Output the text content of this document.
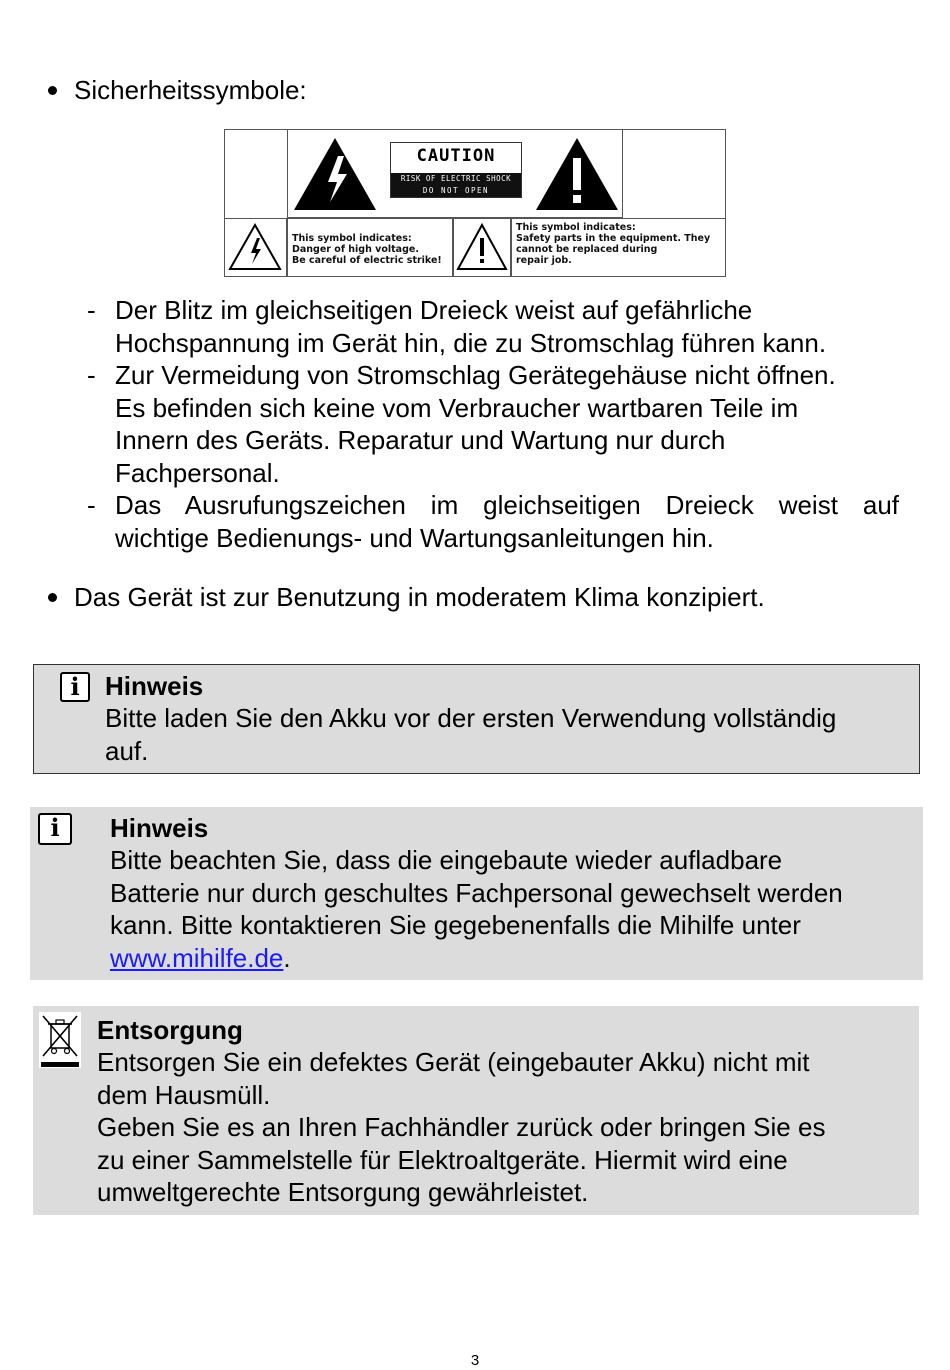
Sicherheitssymbole:
CAUTION
RISK OF ELECTRIC SHOCK
DO NOT OPEN
This symbol indicates:
Danger of high voltage.
Be careful of electric strike!
This symbol indicates:
Safety parts in the equipment. They
cannot be replaced during
repair job.
- Der Blitz im gleichseitigen Dreieck weist auf gefährliche
Hochspannung im Gerät hin, die zu Stromschlag führen kann.
- Zur Vermeidung von Stromschlag Gerätegehäuse nicht öffnen.
Es befinden sich keine vom Verbraucher wartbaren Teile im
Innern des Geräts. Reparatur und Wartung nur durch
Fachpersonal.
- Das Ausrufungszeichen im gleichseitigen Dreieck weist auf
wichtige Bedienungs- und Wartungsanleitungen hin.
Das Gerät ist zur Benutzung in moderatem Klima konzipiert.
i Hinweis
Bitte laden Sie den Akku vor der ersten Verwendung vollständig
auf.
i	Hinweis
Bitte beachten Sie, dass die eingebaute wieder aufladbare
Batterie nur durch geschultes Fachpersonal gewechselt werden
kann. Bitte kontaktieren Sie gegebenenfalls die Mihilfe unter
www.mihilfe.de.
Entsorgung
Entsorgen Sie ein defektes Gerät (eingebauter Akku) nicht mit
dem Hausmüll.
Geben Sie es an Ihren Fachhändler zurück oder bringen Sie es
zu einer Sammelstelle für Elektroaltgeräte. Hiermit wird eine
umweltgerechte Entsorgung gewährleistet.
3
